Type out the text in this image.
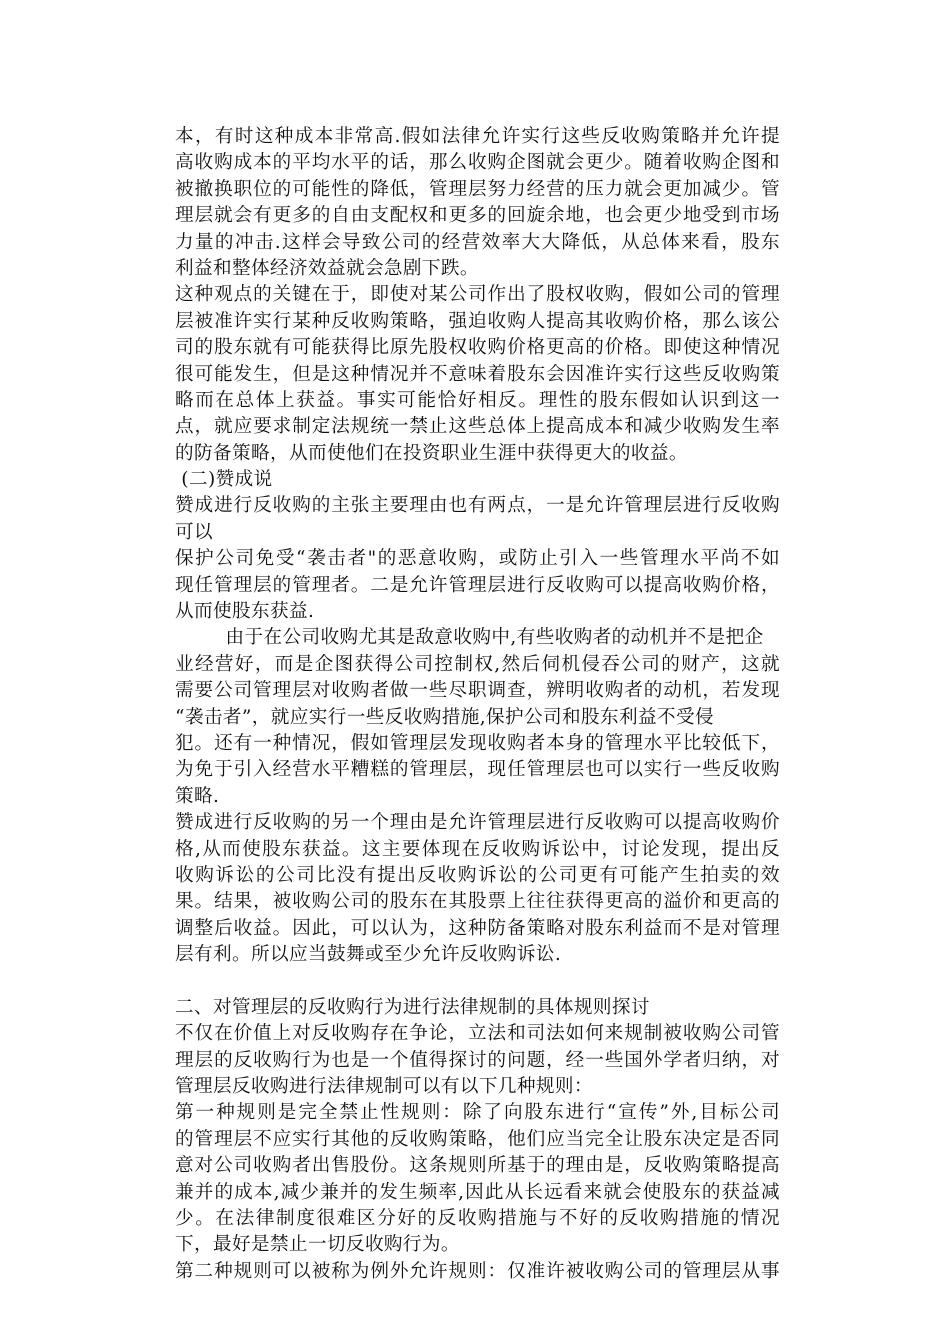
本，有时这种成本非常高.假如法律允许实行这些反收购策略并允许提
高收购成本的平均水平的话，那么收购企图就会更少。随着收购企图和
被撤换职位的可能性的降低，管理层努力经营的压力就会更加减少。管
理层就会有更多的自由支配权和更多的回旋余地，也会更少地受到市场
力量的冲击.这样会导致公司的经营效率大大降低，从总体来看，股东
利益和整体经济效益就会急剧下跌。
这种观点的关键在于，即使对某公司作出了股权收购，假如公司的管理
层被准许实行某种反收购策略，强迫收购人提高其收购价格，那么该公
司的股东就有可能获得比原先股权收购价格更高的价格。即使这种情况
很可能发生，但是这种情况并不意味着股东会因准许实行这些反收购策
略而在总体上获益。事实可能恰好相反。理性的股东假如认识到这一
点，就应要求制定法规统一禁止这些总体上提高成本和减少收购发生率
的防备策略，从而使他们在投资职业生涯中获得更大的收益。
(二)赞成说
赞成进行反收购的主张主要理由也有两点，一是允许管理层进行反收购
可以
保护公司免受“袭击者"的恶意收购，或防止引入一些管理水平尚不如
现任管理层的管理者。二是允许管理层进行反收购可以提高收购价格，
从而使股东获益.
由于在公司收购尤其是敌意收购中,有些收购者的动机并不是把企
业经营好，而是企图获得公司控制权,然后伺机侵吞公司的财产，这就
需要公司管理层对收购者做一些尽职调查，辨明收购者的动机，若发现
“袭击者”，就应实行一些反收购措施,保护公司和股东利益不受侵
犯。还有一种情况，假如管理层发现收购者本身的管理水平比较低下，
为免于引入经营水平糟糕的管理层，现任管理层也可以实行一些反收购
策略.
赞成进行反收购的另一个理由是允许管理层进行反收购可以提高收购价
格,从而使股东获益。这主要体现在反收购诉讼中，讨论发现，提出反
收购诉讼的公司比没有提出反收购诉讼的公司更有可能产生拍卖的效
果。结果，被收购公司的股东在其股票上往往获得更高的溢价和更高的
调整后收益。因此，可以认为，这种防备策略对股东利益而不是对管理
层有利。所以应当鼓舞或至少允许反收购诉讼.
二、对管理层的反收购行为进行法律规制的具体规则探讨
不仅在价值上对反收购存在争论，立法和司法如何来规制被收购公司管
理层的反收购行为也是一个值得探讨的问题，经一些国外学者归纳，对
管理层反收购进行法律规制可以有以下几种规则：
第一种规则是完全禁止性规则：除了向股东进行“宣传”外,目标公司
的管理层不应实行其他的反收购策略，他们应当完全让股东决定是否同
意对公司收购者出售股份。这条规则所基于的理由是，反收购策略提高
兼并的成本,减少兼并的发生频率,因此从长远看来就会使股东的获益减
少。在法律制度很难区分好的反收购措施与不好的反收购措施的情况
下，最好是禁止一切反收购行为。
第二种规则可以被称为例外允许规则：仅准许被收购公司的管理层从事
